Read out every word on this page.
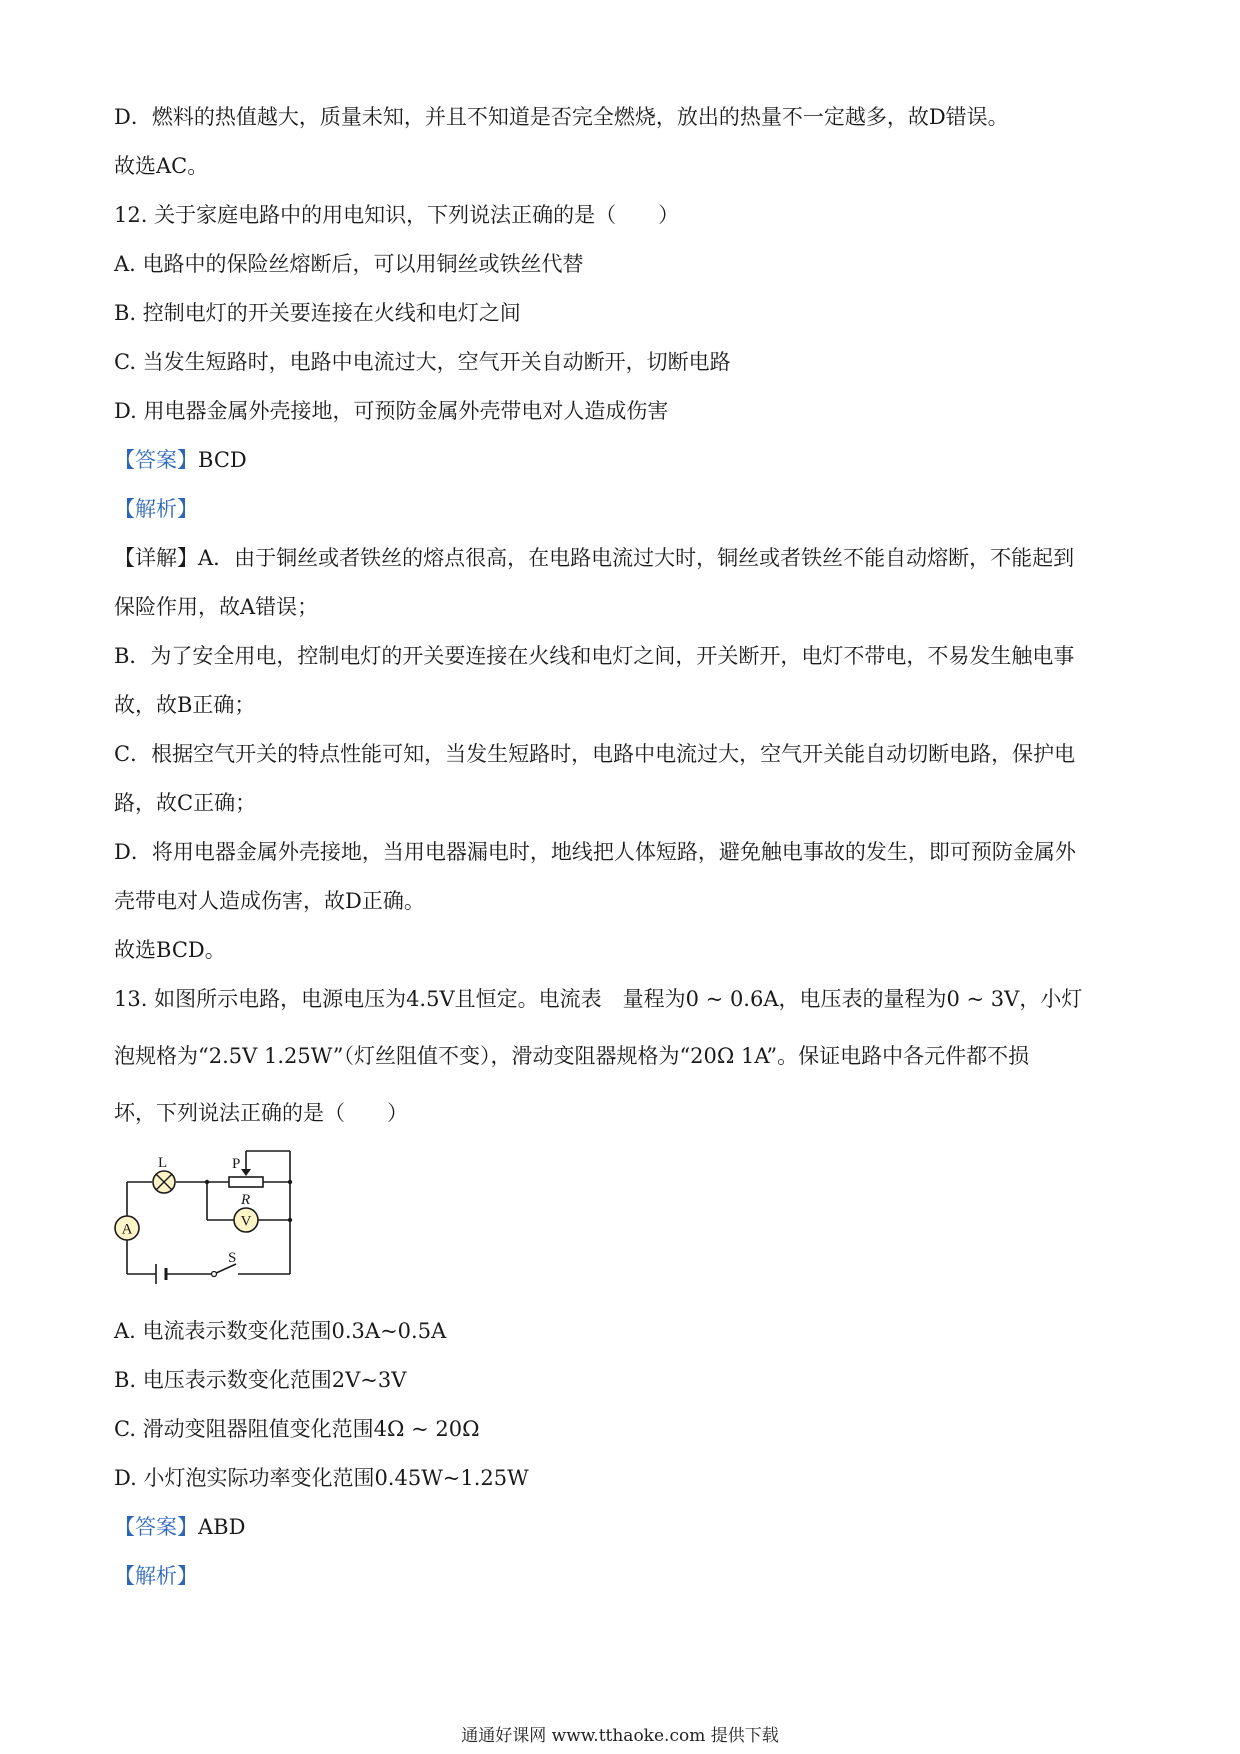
D．燃料的热值越大，质量未知，并且不知道是否完全燃烧，放出的热量不一定越多，故D错误。
故选AC。
12. 关于家庭电路中的用电知识，下列说法正确的是（　　）
A. 电路中的保险丝熔断后，可以用铜丝或铁丝代替
B. 控制电灯的开关要连接在火线和电灯之间
C. 当发生短路时，电路中电流过大，空气开关自动断开，切断电路
D. 用电器金属外壳接地，可预防金属外壳带电对人造成伤害
【答案】BCD
【解析】
【详解】A．由于铜丝或者铁丝的熔点很高，在电路电流过大时，铜丝或者铁丝不能自动熔断，不能起到
保险作用，故A错误；
B．为了安全用电，控制电灯的开关要连接在火线和电灯之间，开关断开，电灯不带电，不易发生触电事
故，故B正确；
C．根据空气开关的特点性能可知，当发生短路时，电路中电流过大，空气开关能自动切断电路，保护电
路，故C正确；
D．将用电器金属外壳接地，当用电器漏电时，地线把人体短路，避免触电事故的发生，即可预防金属外
壳带电对人造成伤害，故D正确。
故选BCD。
13. 如图所示电路，电源电压为4.5V且恒定。电流表　量程为0 ~ 0.6A，电压表的量程为0 ~ 3V，小灯
泡规格为“2.5V 1.25W”（灯丝阻值不变），滑动变阻器规格为“20Ω 1A”。保证电路中各元件都不损
坏，下列说法正确的是（　　）
V
A
L	P
R
S
A. 电流表示数变化范围0.3A~0.5A
B. 电压表示数变化范围2V~3V
C. 滑动变阻器阻值变化范围4Ω ~ 20Ω
D. 小灯泡实际功率变化范围0.45W~1.25W
【答案】ABD
【解析】
通通好课网 www.tthaoke.com 提供下载
